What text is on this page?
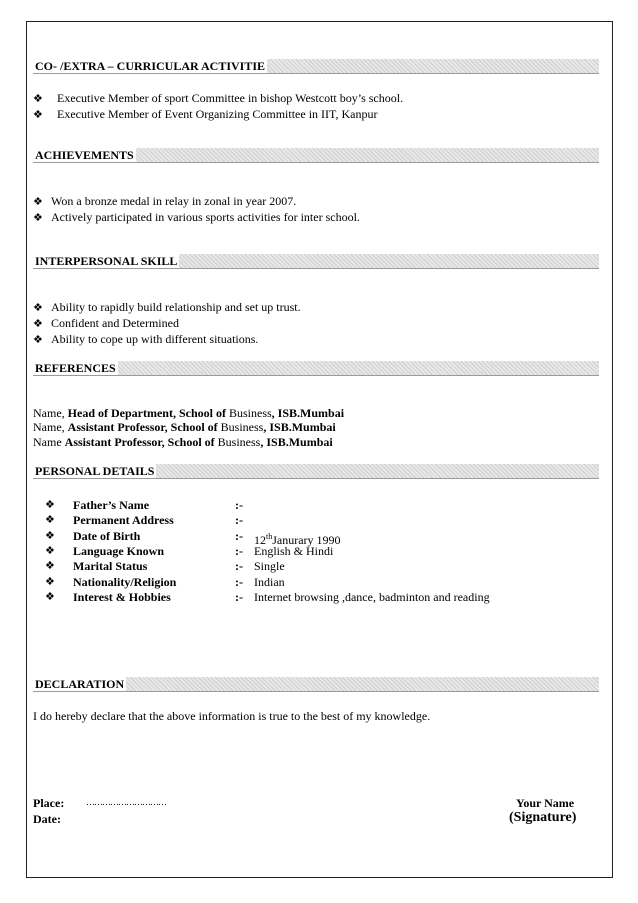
CO- /EXTRA – CURRICULAR ACTIVITIE
❖ Executive Member of sport Committee in bishop Westcott boy’s school.
❖ Executive Member of Event Organizing Committee in IIT, Kanpur
ACHIEVEMENTS
❖ Won a bronze medal in relay in zonal in year 2007.
❖ Actively participated in various sports activities for inter school.
INTERPERSONAL SKILL
❖ Ability to rapidly build relationship and set up trust.
❖ Confident and Determined
❖ Ability to cope up with different situations.
REFERENCES
Name, Head of Department, School of Business, ISB.Mumbai
Name, Assistant Professor, School of Business, ISB.Mumbai
Name Assistant Professor, School of Business, ISB.Mumbai
PERSONAL DETAILS
❖ Father’s Name	:-
❖ Permanent Address	:-
❖ Date of Birth	:- 12thJanurary 1990
❖ Language Known	:- English & Hindi
❖ Marital Status	:- Single
❖ Nationality/Religion	:- Indian
❖ Interest & Hobbies	:- Internet browsing ,dance, badminton and reading
DECLARATION
I do hereby declare that the above information is true to the best of my knowledge.
Place: …………………………
Date:
Your Name
(Signature)
